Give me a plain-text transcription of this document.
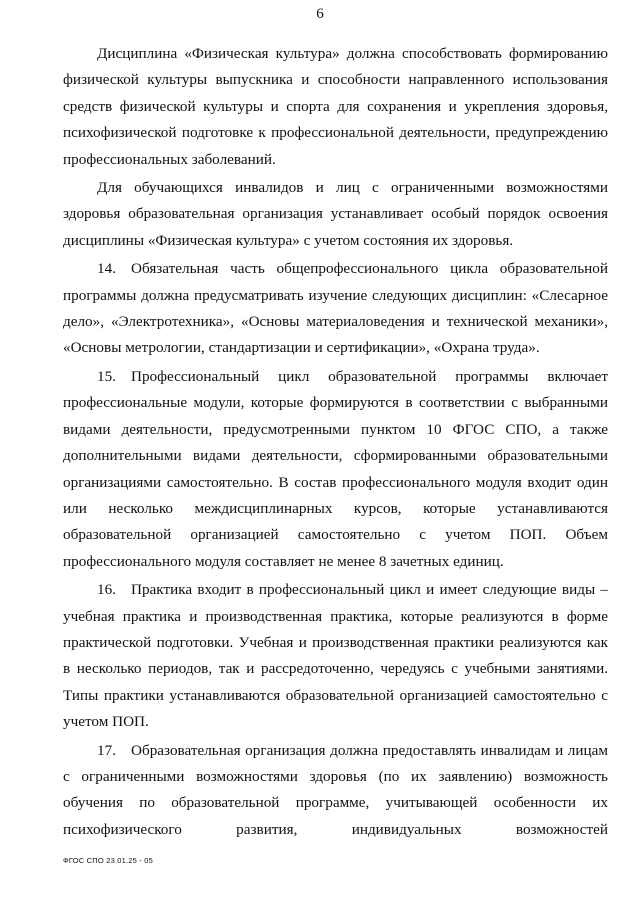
6

Дисциплина «Физическая культура» должна способствовать формированию физической культуры выпускника и способности направленного использования средств физической культуры и спорта для сохранения и укрепления здоровья, психофизической подготовке к профессиональной деятельности, предупреждению профессиональных заболеваний.

Для обучающихся инвалидов и лиц с ограниченными возможностями здоровья образовательная организация устанавливает особый порядок освоения дисциплины «Физическая культура» с учетом состояния их здоровья.

14. Обязательная часть общепрофессионального цикла образовательной программы должна предусматривать изучение следующих дисциплин: «Слесарное дело», «Электротехника», «Основы материаловедения и технической механики», «Основы метрологии, стандартизации и сертификации», «Охрана труда».

15. Профессиональный цикл образовательной программы включает профессиональные модули, которые формируются в соответствии с выбранными видами деятельности, предусмотренными пунктом 10 ФГОС СПО, а также дополнительными видами деятельности, сформированными образовательными организациями самостоятельно. В состав профессионального модуля входит один или несколько междисциплинарных курсов, которые устанавливаются образовательной организацией самостоятельно с учетом ПОП. Объем профессионального модуля составляет не менее 8 зачетных единиц.

16. Практика входит в профессиональный цикл и имеет следующие виды – учебная практика и производственная практика, которые реализуются в форме практической подготовки. Учебная и производственная практики реализуются как в несколько периодов, так и рассредоточенно, чередуясь с учебными занятиями. Типы практики устанавливаются образовательной организацией самостоятельно с учетом ПОП.

17. Образовательная организация должна предоставлять инвалидам и лицам с ограниченными возможностями здоровья (по их заявлению) возможность обучения по образовательной программе, учитывающей особенности их психофизического развития, индивидуальных возможностей

ФГОС СПО 23.01.25 - 05
